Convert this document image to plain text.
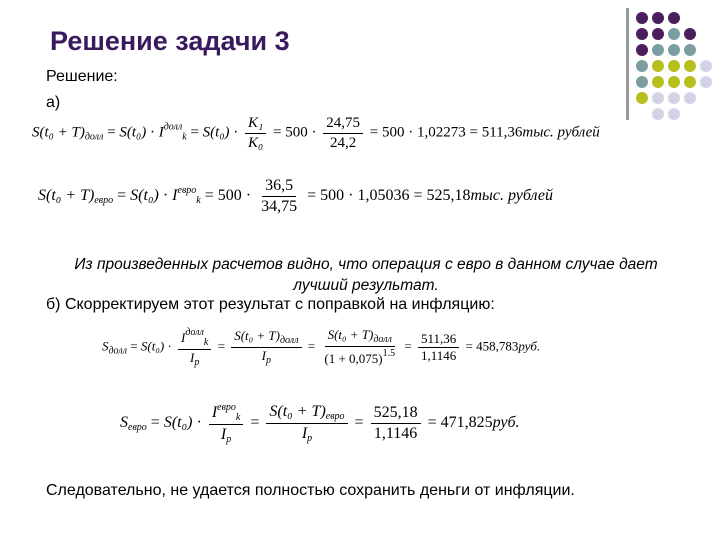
Решение задачи 3
Решение:
а)
$S(t_0 + T)_{долл} = S(t_0) \cdot I^{долл}_k = S(t_0) \cdot \frac{\text{K₁}}{\text{K₀}} = 500 \cdot \frac{24,75}{24,2} = 500 \cdot 1,02273 = 511,36тыс$. рублей
$S(t_0 + T)_{евро} = S(t_0) \cdot I^{евро}_k = 500 \cdot \frac{36,5}{34,75} = 500 \cdot 1,05036 = 525,18тыс$. рублей
Из произведенных расчетов видно, что операция с евро в данном случае дает лучший результат.
б) Скорректируем этот результат с поправкой на инфляцию:
$S_{долл} = S(t_0) \cdot \frac{I^{долл}_k}{I_p} = \frac{S(t_0 + T)_{долл}}{I_p} = \frac{S(t_0 + T)_{долл}}{(1 + 0,075)^{1.5}} = \frac{511,36}{1,1146} = 458,783руб$.
$S_{евро} = S(t_0) \cdot \frac{I^{евро}_k}{I_p} = \frac{S(t_0 + T)_{евро}}{I_p} = \frac{525,18}{1,1146} = 471,825руб$.
Следовательно, не удается полностью сохранить деньги от инфляции.
